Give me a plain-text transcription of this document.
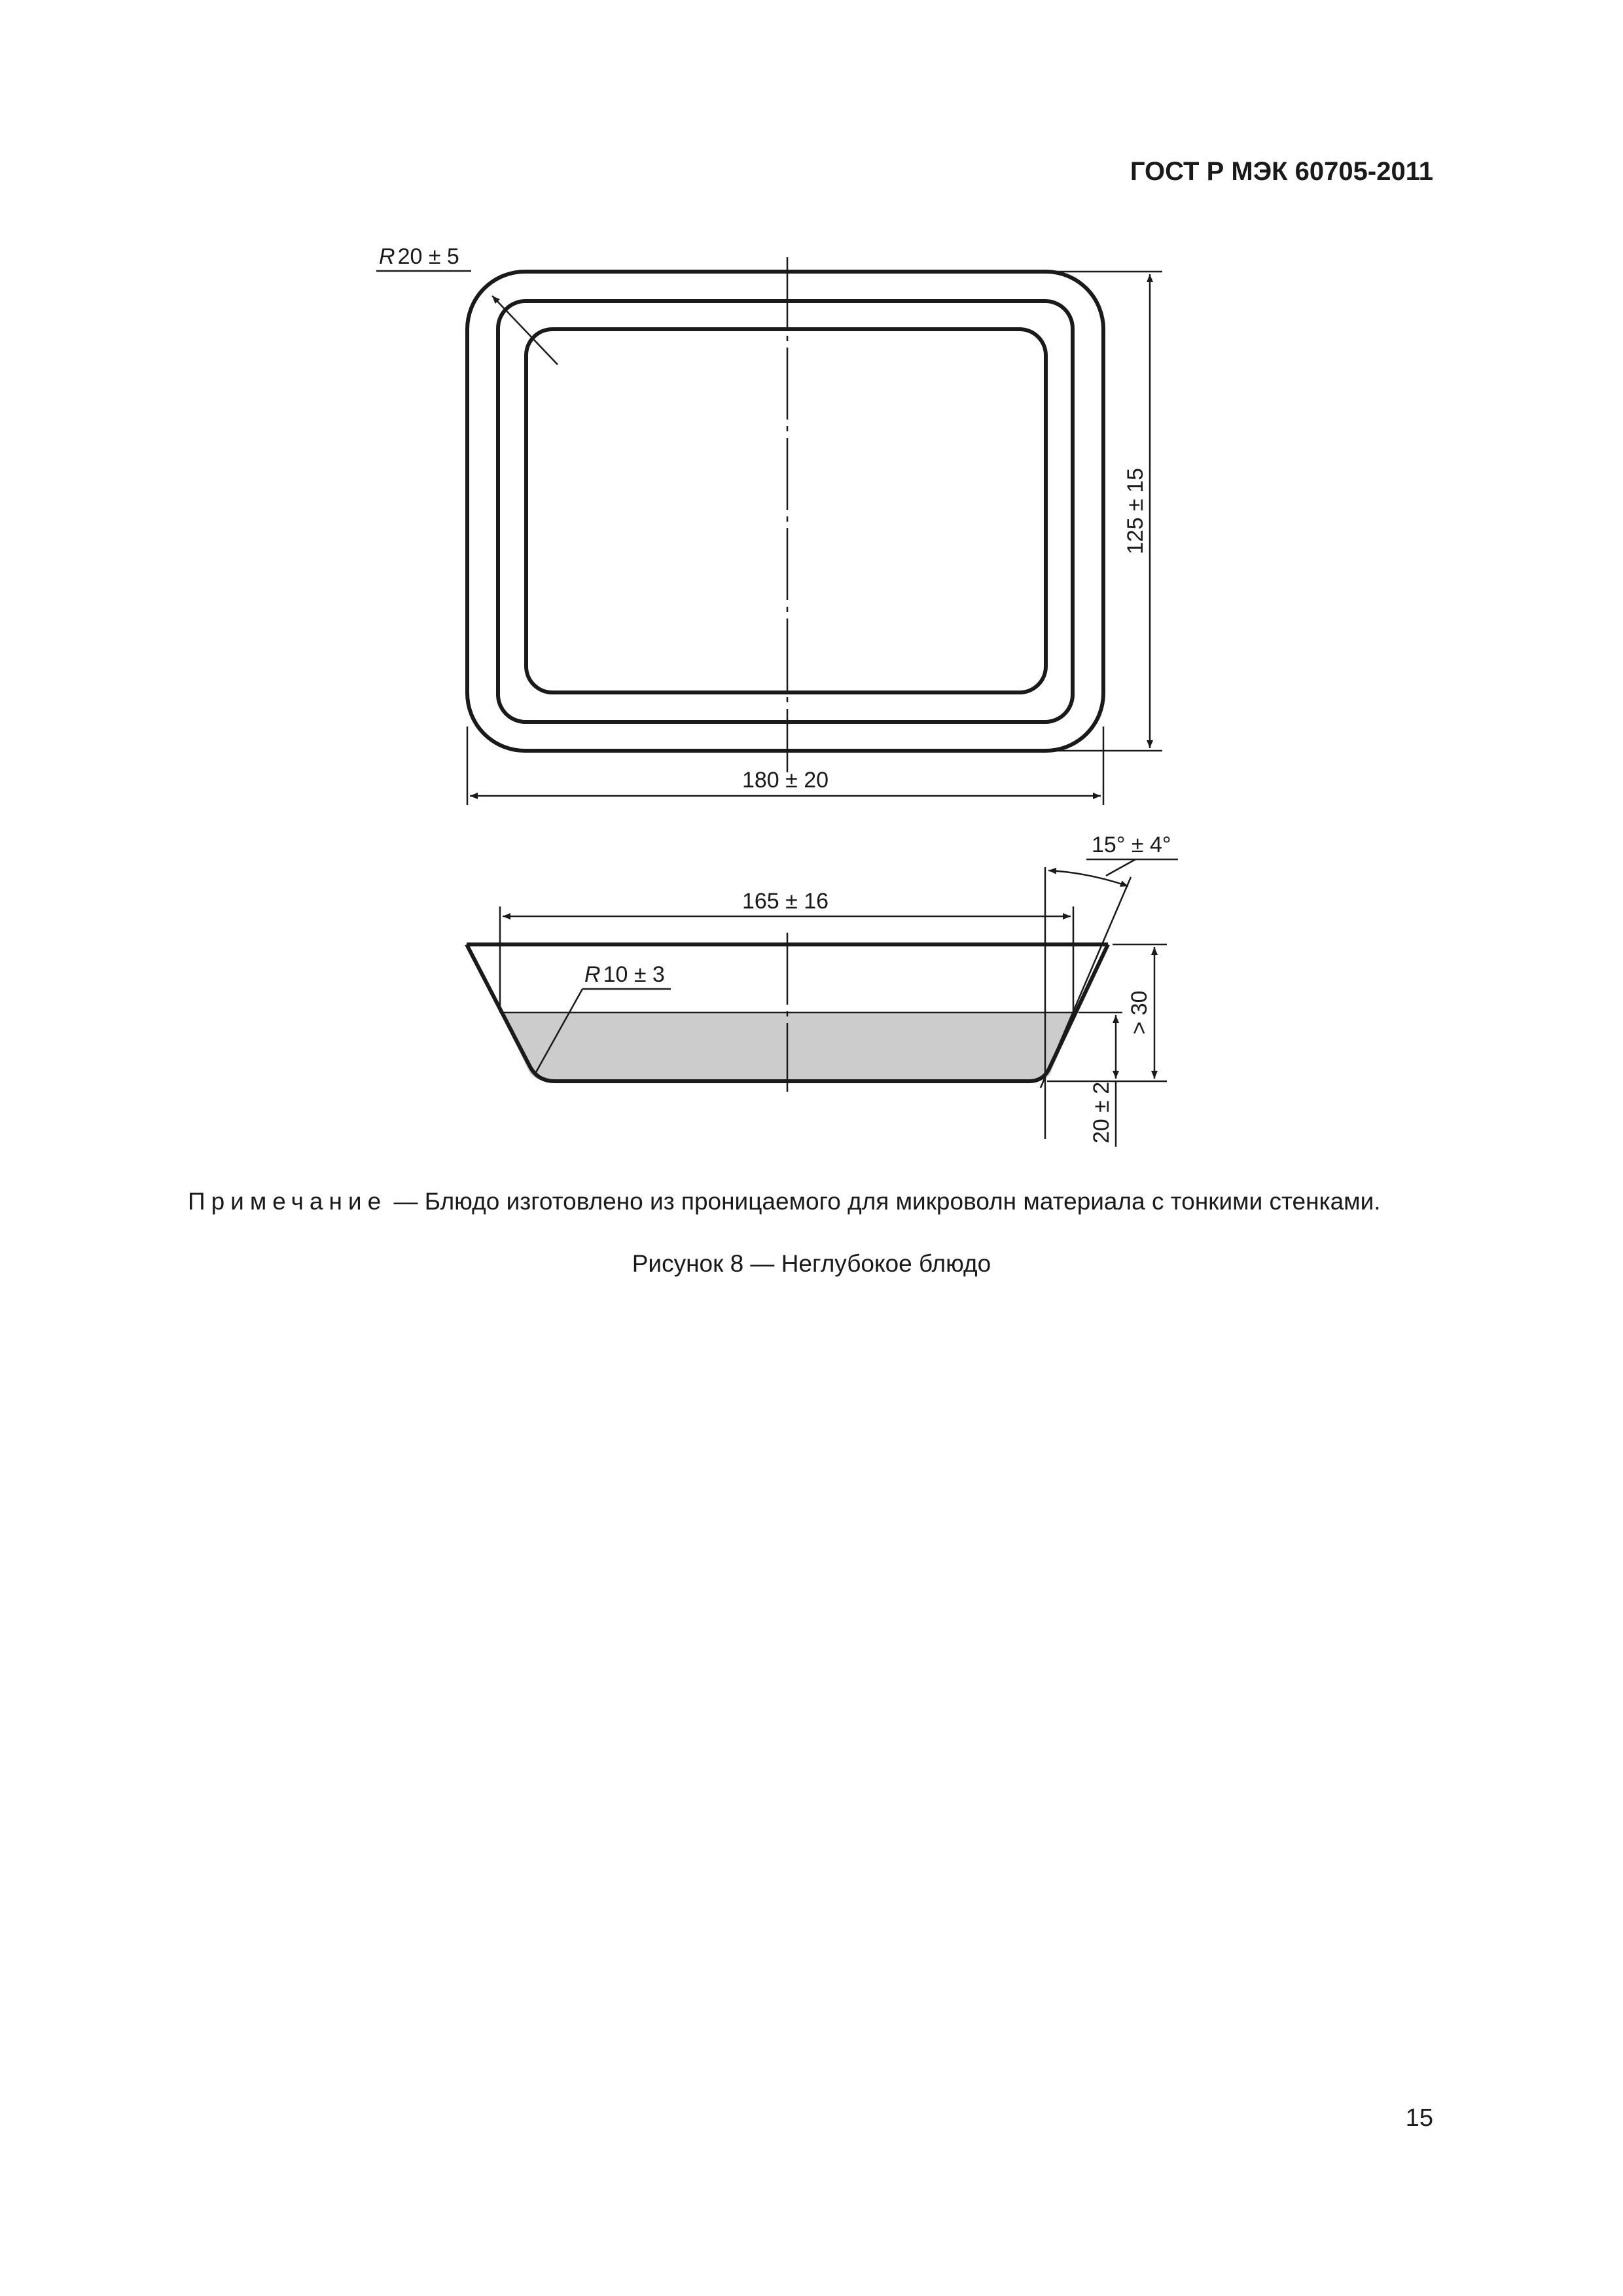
ГОСТ Р МЭК 60705-2011
R 20 ± 5
125 ± 15
180 ± 20
165 ± 16
15° ± 4°
R 10 ± 3
> 30
20 ± 2
Примечание — Блюдо изготовлено из проницаемого для микроволн материала с тонкими стенками.
Рисунок 8 — Неглубокое блюдо
15
